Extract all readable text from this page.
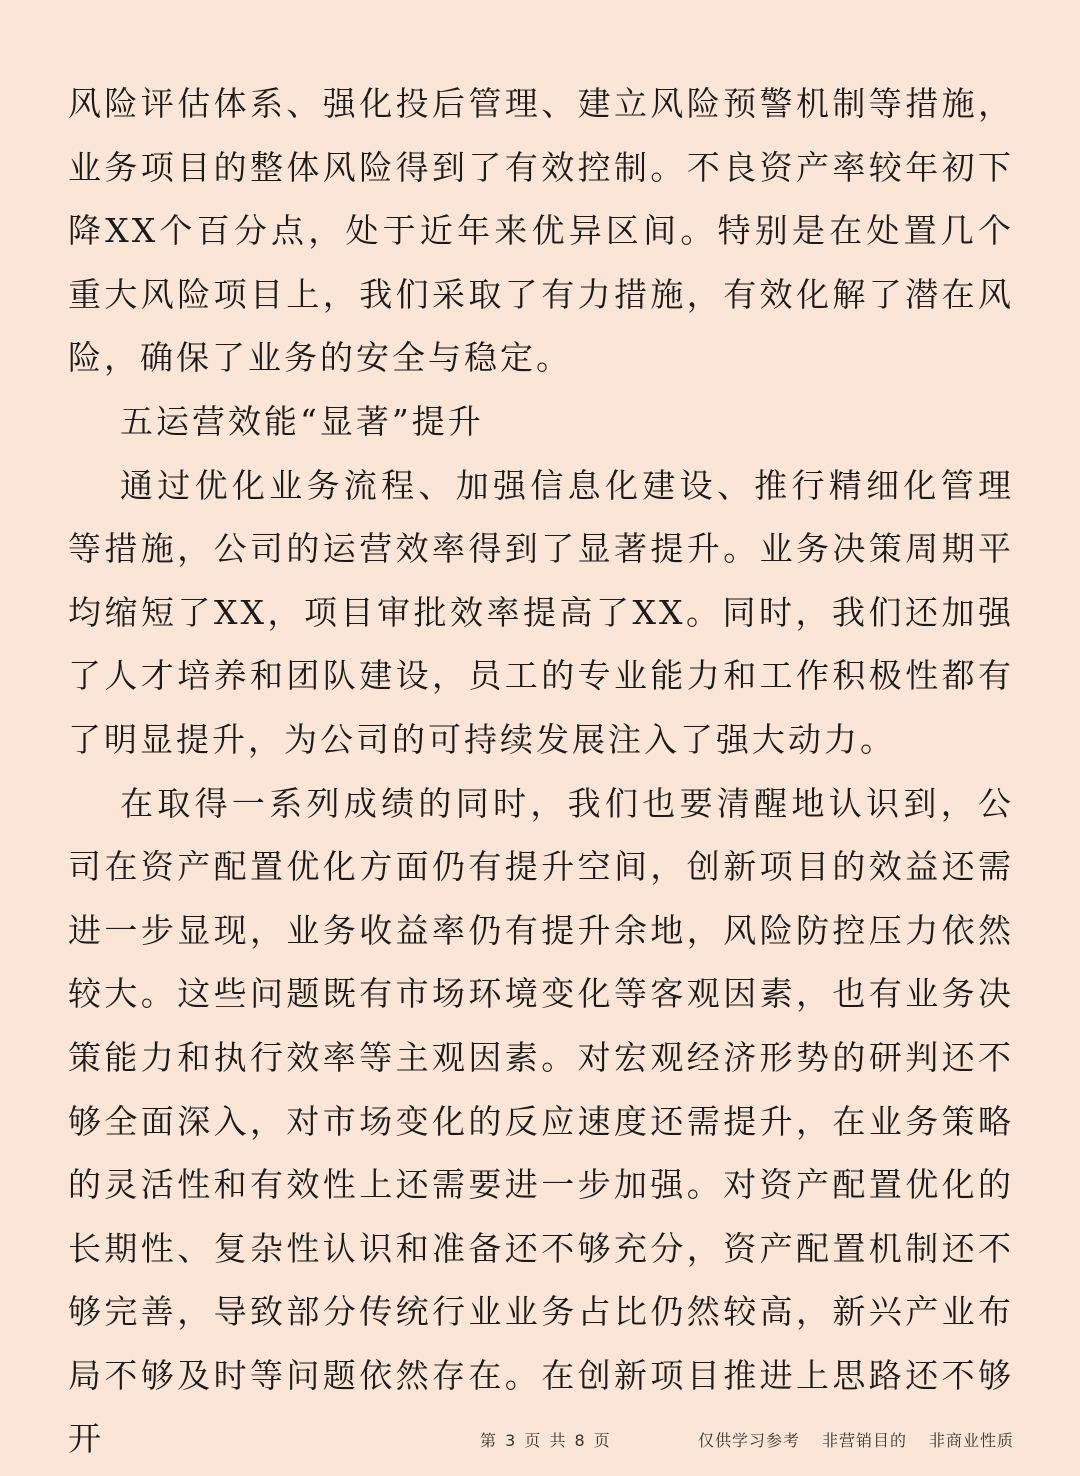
风险评估体系、强化投后管理、建立风险预警机制等措施，业务项目的整体风险得到了有效控制。不良资产率较年初下降XX个百分点，处于近年来优异区间。特别是在处置几个重大风险项目上，我们采取了有力措施，有效化解了潜在风险，确保了业务的安全与稳定。

五运营效能“显著”提升

通过优化业务流程、加强信息化建设、推行精细化管理等措施，公司的运营效率得到了显著提升。业务决策周期平均缩短了XX，项目审批效率提高了XX。同时，我们还加强了人才培养和团队建设，员工的专业能力和工作积极性都有了明显提升，为公司的可持续发展注入了强大动力。

在取得一系列成绩的同时，我们也要清醒地认识到，公司在资产配置优化方面仍有提升空间，创新项目的效益还需进一步显现，业务收益率仍有提升余地，风险防控压力依然较大。这些问题既有市场环境变化等客观因素，也有业务决策能力和执行效率等主观因素。对宏观经济形势的研判还不够全面深入，对市场变化的反应速度还需提升，在业务策略的灵活性和有效性上还需要进一步加强。对资产配置优化的长期性、复杂性认识和准备还不够充分，资产配置机制还不够完善，导致部分传统行业业务占比仍然较高，新兴产业布局不够及时等问题依然存在。在创新项目推进上思路还不够开	第 3 页 共 8 页	仅供学习参考 非营销目的 非商业性质
